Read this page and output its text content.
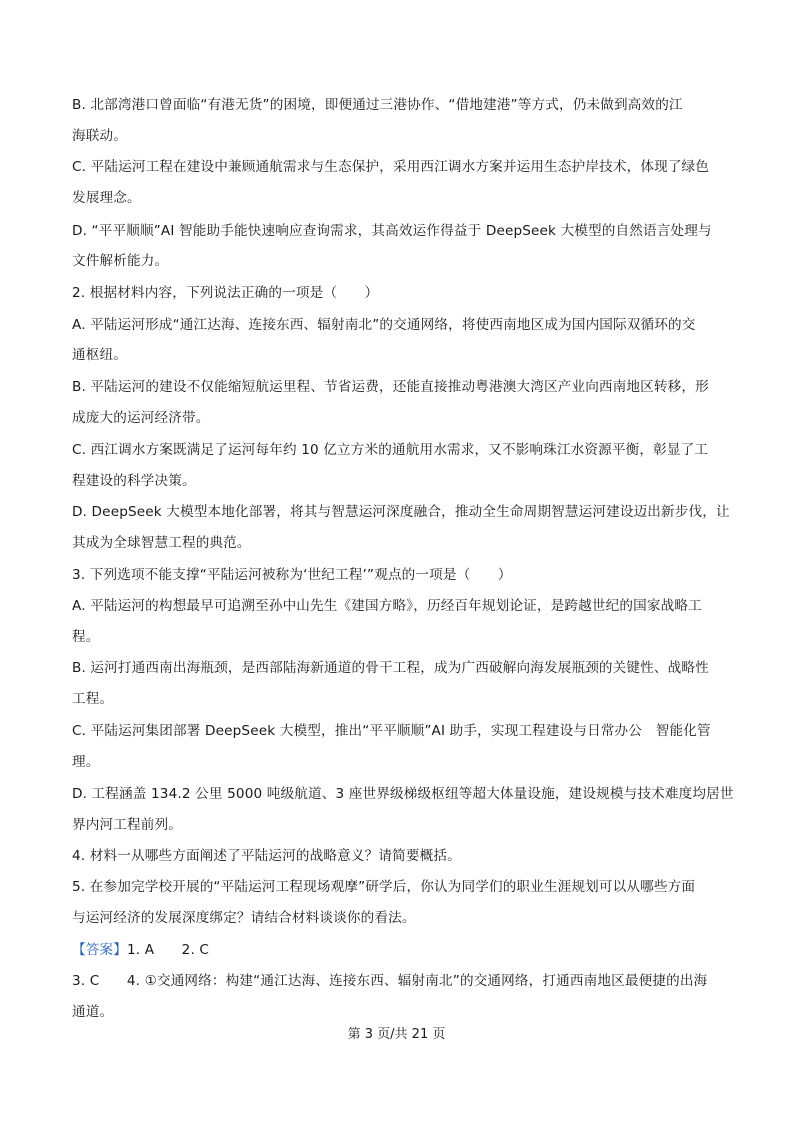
B. 北部湾港口曾面临“有港无货”的困境，即便通过三港协作、“借地建港”等方式，仍未做到高效的江
海联动。
C. 平陆运河工程在建设中兼顾通航需求与生态保护，采用西江调水方案并运用生态护岸技术，体现了绿色
发展理念。
D. “平平顺顺”AI 智能助手能快速响应查询需求，其高效运作得益于 DeepSeek 大模型的自然语言处理与
文件解析能力。
2. 根据材料内容，下列说法正确的一项是（　　）
A. 平陆运河形成“通江达海、连接东西、辐射南北”的交通网络，将使西南地区成为国内国际双循环的交
通枢纽。
B. 平陆运河的建设不仅能缩短航运里程、节省运费，还能直接推动粤港澳大湾区产业向西南地区转移，形
成庞大的运河经济带。
C. 西江调水方案既满足了运河每年约 10 亿立方米的通航用水需求，又不影响珠江水资源平衡，彰显了工
程建设的科学决策。
D. DeepSeek 大模型本地化部署，将其与智慧运河深度融合，推动全生命周期智慧运河建设迈出新步伐，让
其成为全球智慧工程的典范。
3. 下列选项不能支撑“平陆运河被称为‘世纪工程’”观点的一项是（　　）
A. 平陆运河的构想最早可追溯至孙中山先生《建国方略》，历经百年规划论证，是跨越世纪的国家战略工
程。
B. 运河打通西南出海瓶颈，是西部陆海新通道的骨干工程，成为广西破解向海发展瓶颈的关键性、战略性
工程。
C. 平陆运河集团部署 DeepSeek 大模型，推出“平平顺顺”AI 助手，实现工程建设与日常办公　智能化管
理。
D. 工程涵盖 134.2 公里 5000 吨级航道、3 座世界级梯级枢纽等超大体量设施，建设规模与技术难度均居世
界内河工程前列。
4. 材料一从哪些方面阐述了平陆运河的战略意义？请简要概括。
5. 在参加完学校开展的“平陆运河工程现场观摩”研学后，你认为同学们的职业生涯规划可以从哪些方面
与运河经济的发展深度绑定？请结合材料谈谈你的看法。
【答案】1. A　　2. C
3. C　　4. ①交通网络：构建“通江达海、连接东西、辐射南北”的交通网络，打通西南地区最便捷的出海
通道。
第 3 页/共 21 页
